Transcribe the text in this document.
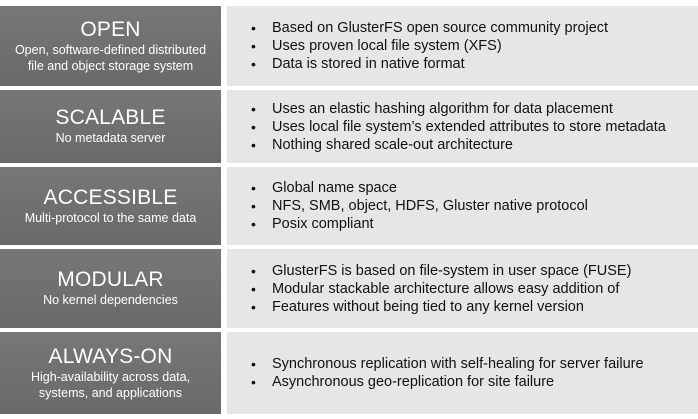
OPEN
Open, software-defined distributed file and object storage system
• Based on GlusterFS open source community project
• Uses proven local file system (XFS)
• Data is stored in native format
SCALABLE
No metadata server
• Uses an elastic hashing algorithm for data placement
• Uses local file system’s extended attributes to store metadata
• Nothing shared scale-out architecture
ACCESSIBLE
Multi-protocol to the same data
• Global name space
• NFS, SMB, object, HDFS, Gluster native protocol
• Posix compliant
MODULAR
No kernel dependencies
• GlusterFS is based on file-system in user space (FUSE)
• Modular stackable architecture allows easy addition of
• Features without being tied to any kernel version
ALWAYS-ON
High-availability across data, systems, and applications
• Synchronous replication with self-healing for server failure
• Asynchronous geo-replication for site failure
